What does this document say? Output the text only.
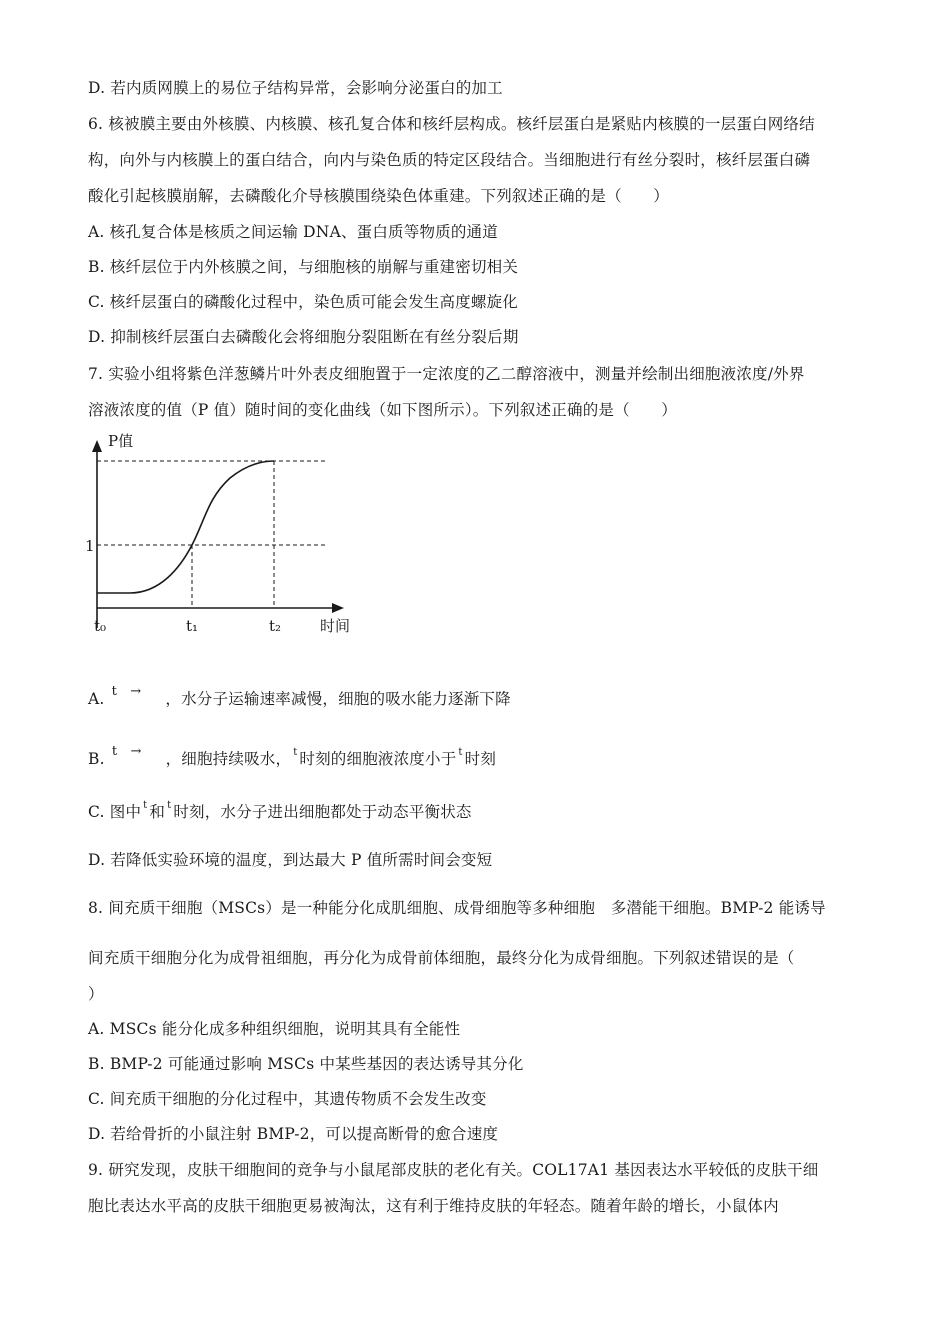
D. 若内质网膜上的易位子结构异常，会影响分泌蛋白的加工
6. 核被膜主要由外核膜、内核膜、核孔复合体和核纤层构成。核纤层蛋白是紧贴内核膜的一层蛋白网络结
构，向外与内核膜上的蛋白结合，向内与染色质的特定区段结合。当细胞进行有丝分裂时，核纤层蛋白磷
酸化引起核膜崩解，去磷酸化介导核膜围绕染色体重建。下列叙述正确的是（　　）
A. 核孔复合体是核质之间运输 DNA、蛋白质等物质的通道
B. 核纤层位于内外核膜之间，与细胞核的崩解与重建密切相关
C. 核纤层蛋白的磷酸化过程中，染色质可能会发生高度螺旋化
D. 抑制核纤层蛋白去磷酸化会将细胞分裂阻断在有丝分裂后期
7. 实验小组将紫色洋葱鳞片叶外表皮细胞置于一定浓度的乙二醇溶液中，测量并绘制出细胞液浓度/外界
溶液浓度的值（P 值）随时间的变化曲线（如下图所示）。下列叙述正确的是（　　）
P值
1
t₀	t₁	t₂	时间
A. $^{t \to}$ ，水分子运输速率减慢，细胞的吸水能力逐渐下降
B. $^{t \to}$ ，细胞持续吸水， $^t$ 时刻的细胞液浓度小于 $^t$ 时刻
C. 图中 $^t$ 和 $^t$ 时刻，水分子进出细胞都处于动态平衡状态
D. 若降低实验环境的温度，到达最大 P 值所需时间会变短
8. 间充质干细胞（MSCs）是一种能分化成肌细胞、成骨细胞等多种细胞　多潜能干细胞。BMP-2 能诱导
间充质干细胞分化为成骨祖细胞，再分化为成骨前体细胞，最终分化为成骨细胞。下列叙述错误的是（
）
A. MSCs 能分化成多种组织细胞，说明其具有全能性
B. BMP-2 可能通过影响 MSCs 中某些基因的表达诱导其分化
C. 间充质干细胞的分化过程中，其遗传物质不会发生改变
D. 若给骨折的小鼠注射 BMP-2，可以提高断骨的愈合速度
9. 研究发现，皮肤干细胞间的竞争与小鼠尾部皮肤的老化有关。COL17A1 基因表达水平较低的皮肤干细
胞比表达水平高的皮肤干细胞更易被淘汰，这有利于维持皮肤的年轻态。随着年龄的增长，小鼠体内
